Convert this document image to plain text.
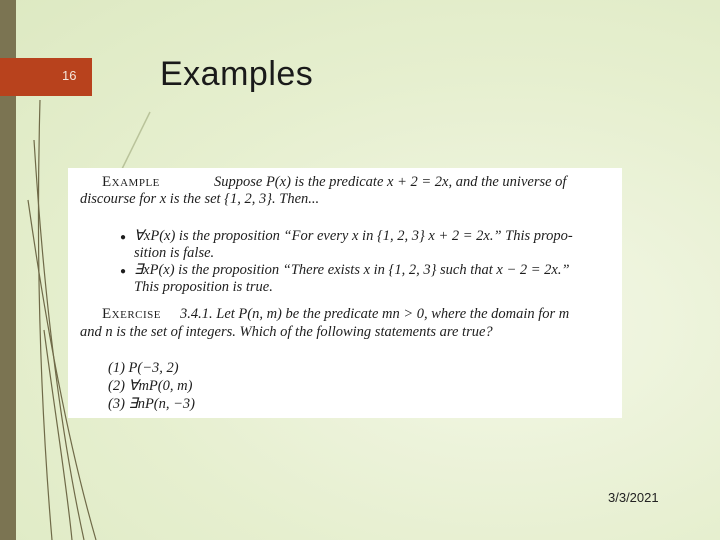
16 Examples
Example	Suppose P(x) is the predicate x + 2 = 2x, and the universe of
discourse for x is the set {1, 2, 3}. Then...
● ∀xP(x) is the proposition “For every x in {1, 2, 3} x + 2 = 2x.” This propo-
sition is false.
● ∃xP(x) is the proposition “There exists x in {1, 2, 3} such that x − 2 = 2x.”
This proposition is true.
Exercise 3.4.1. Let P(n, m) be the predicate mn > 0, where the domain for m
and n is the set of integers. Which of the following statements are true?
(1) P(−3, 2)
(2) ∀mP(0, m)
(3) ∃nP(n, −3)
3/3/2021
